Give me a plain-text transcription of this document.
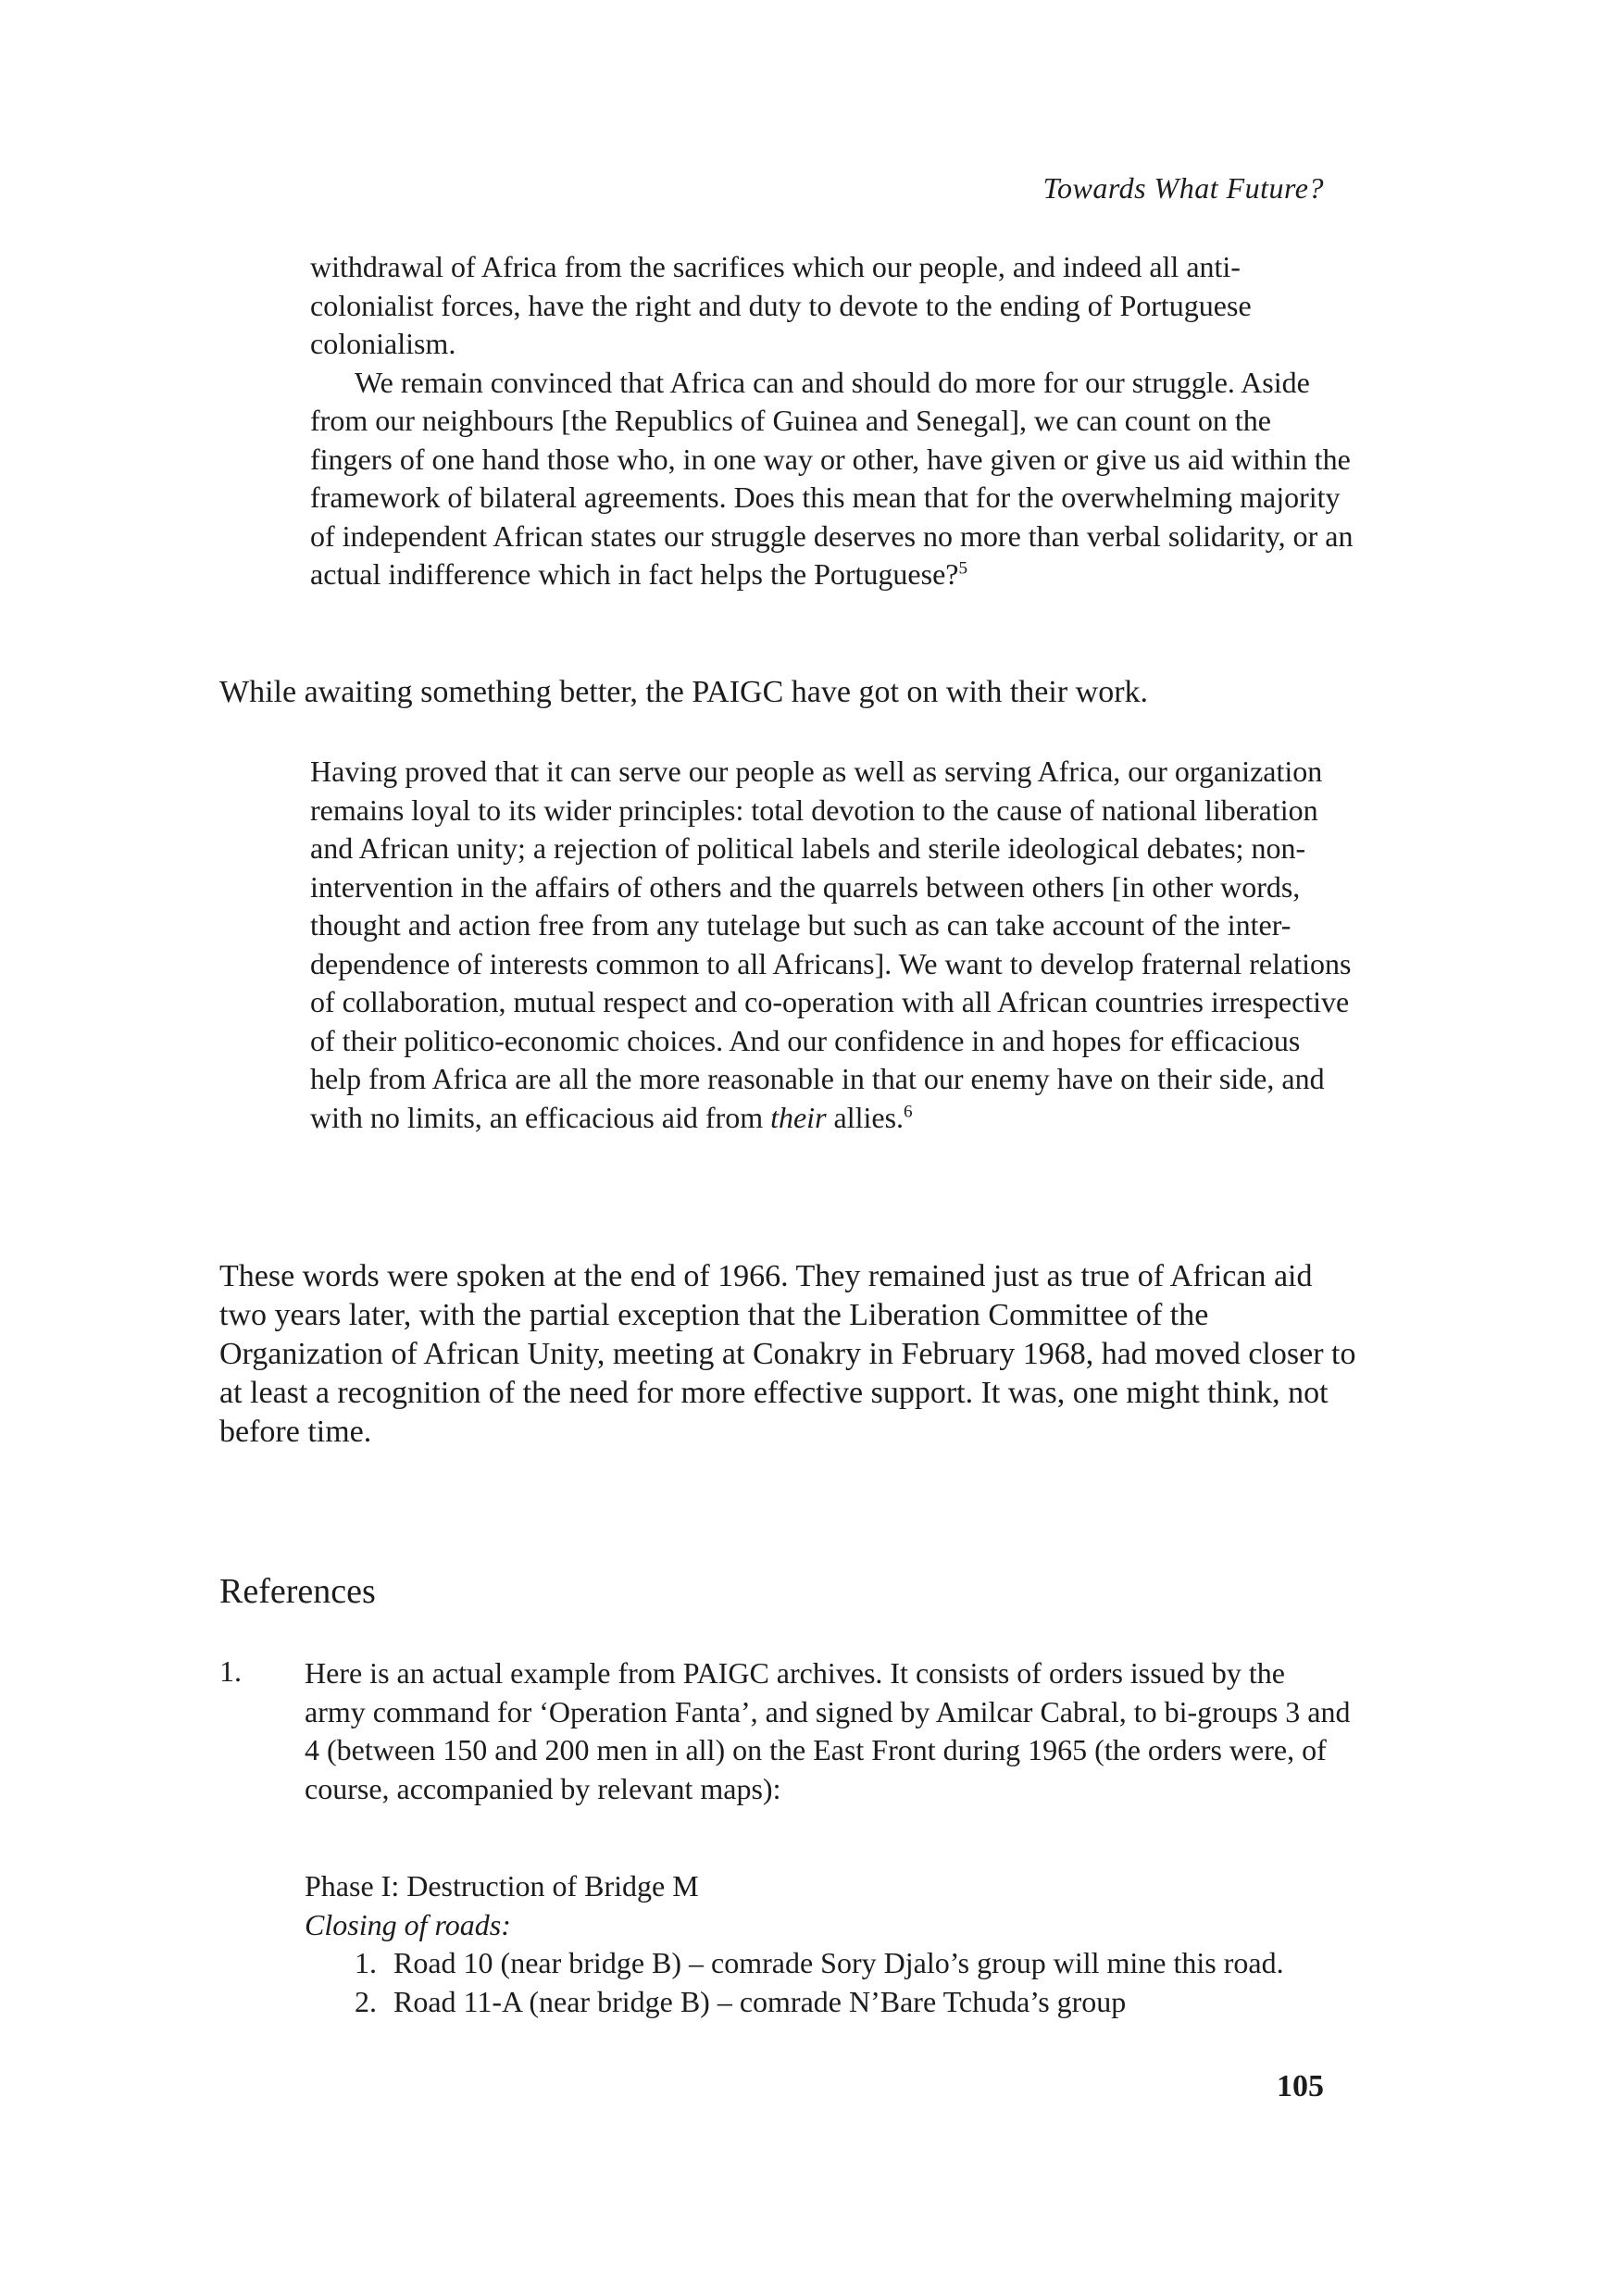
Towards What Future?

withdrawal of Africa from the sacrifices which our people, and indeed all anti-colonialist forces, have the right and duty to devote to the ending of Portuguese colonialism.

We remain convinced that Africa can and should do more for our struggle. Aside from our neighbours [the Republics of Guinea and Senegal], we can count on the fingers of one hand those who, in one way or other, have given or give us aid within the framework of bilateral agreements. Does this mean that for the overwhelming majority of independent African states our struggle deserves no more than verbal solidarity, or an actual indifference which in fact helps the Portuguese?$^5$

While awaiting something better, the PAIGC have got on with their work.

Having proved that it can serve our people as well as serving Africa, our organization remains loyal to its wider principles: total devotion to the cause of national liberation and African unity; a rejection of political labels and sterile ideological debates; non-intervention in the affairs of others and the quarrels between others [in other words, thought and action free from any tutelage but such as can take account of the inter-dependence of interests common to all Africans]. We want to develop fraternal relations of collaboration, mutual respect and co-operation with all African countries irrespective of their politico-economic choices. And our confidence in and hopes for efficacious help from Africa are all the more reasonable in that our enemy have on their side, and with no limits, an efficacious aid from their allies.$^6$

These words were spoken at the end of 1966. They remained just as true of African aid two years later, with the partial exception that the Liberation Committee of the Organization of African Unity, meeting at Conakry in February 1968, had moved closer to at least a recognition of the need for more effective support. It was, one might think, not before time.

References
1. Here is an actual example from PAIGC archives. It consists of orders issued by the army command for ‘Operation Fanta’, and signed by Amilcar Cabral, to bi-groups 3 and 4 (between 150 and 200 men in all) on the East Front during 1965 (the orders were, of course, accompanied by relevant maps):
Phase I: Destruction of Bridge M
Closing of roads:
1. Road 10 (near bridge B) – comrade Sory Djalo’s group will mine this road.
2. Road 11-A (near bridge B) – comrade N’Bare Tchuda’s group
105
